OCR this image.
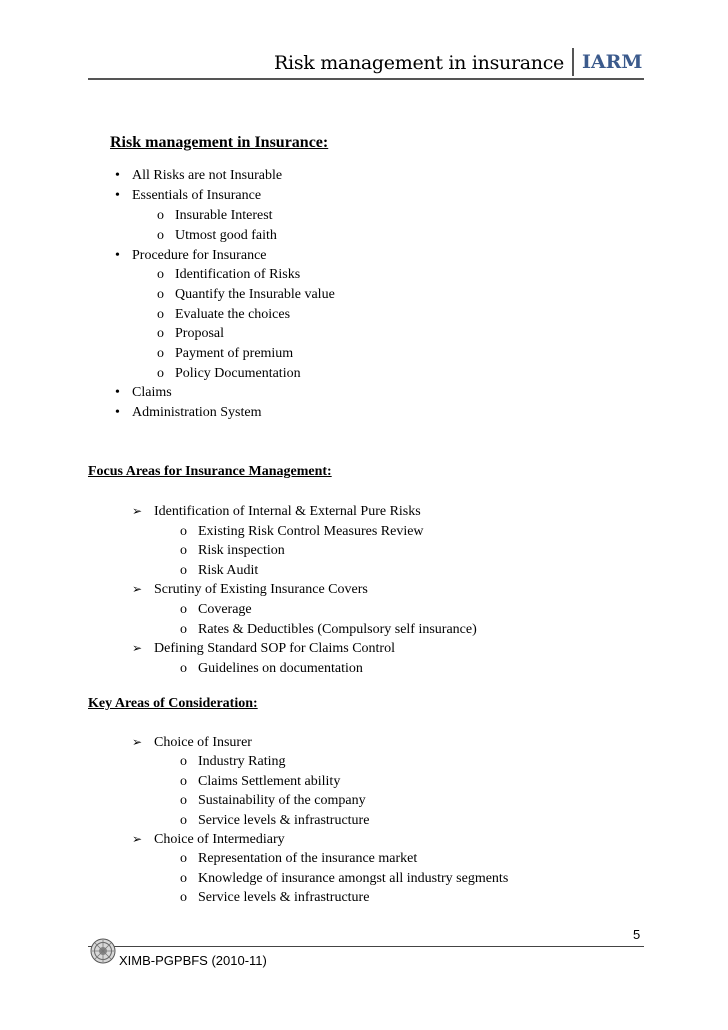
Risk management in insurance IARM
Risk management in Insurance:
• All Risks are not Insurable
• Essentials of Insurance
o Insurable Interest
o Utmost good faith
• Procedure for Insurance
o Identification of Risks
o Quantify the Insurable value
o Evaluate the choices
o Proposal
o Payment of premium
o Policy Documentation
• Claims
• Administration System
Focus Areas for Insurance Management:
➢ Identification of Internal & External Pure Risks
o Existing Risk Control Measures Review
o Risk inspection
o Risk Audit
➢ Scrutiny of Existing Insurance Covers
o Coverage
o Rates & Deductibles (Compulsory self insurance)
➢ Defining Standard SOP for Claims Control
o Guidelines on documentation
Key Areas of Consideration:
➢ Choice of Insurer
o Industry Rating
o Claims Settlement ability
o Sustainability of the company
o Service levels & infrastructure
➢ Choice of Intermediary
o Representation of the insurance market
o Knowledge of insurance amongst all industry segments
o Service levels & infrastructure
5
XIMB-PGPBFS (2010-11)
